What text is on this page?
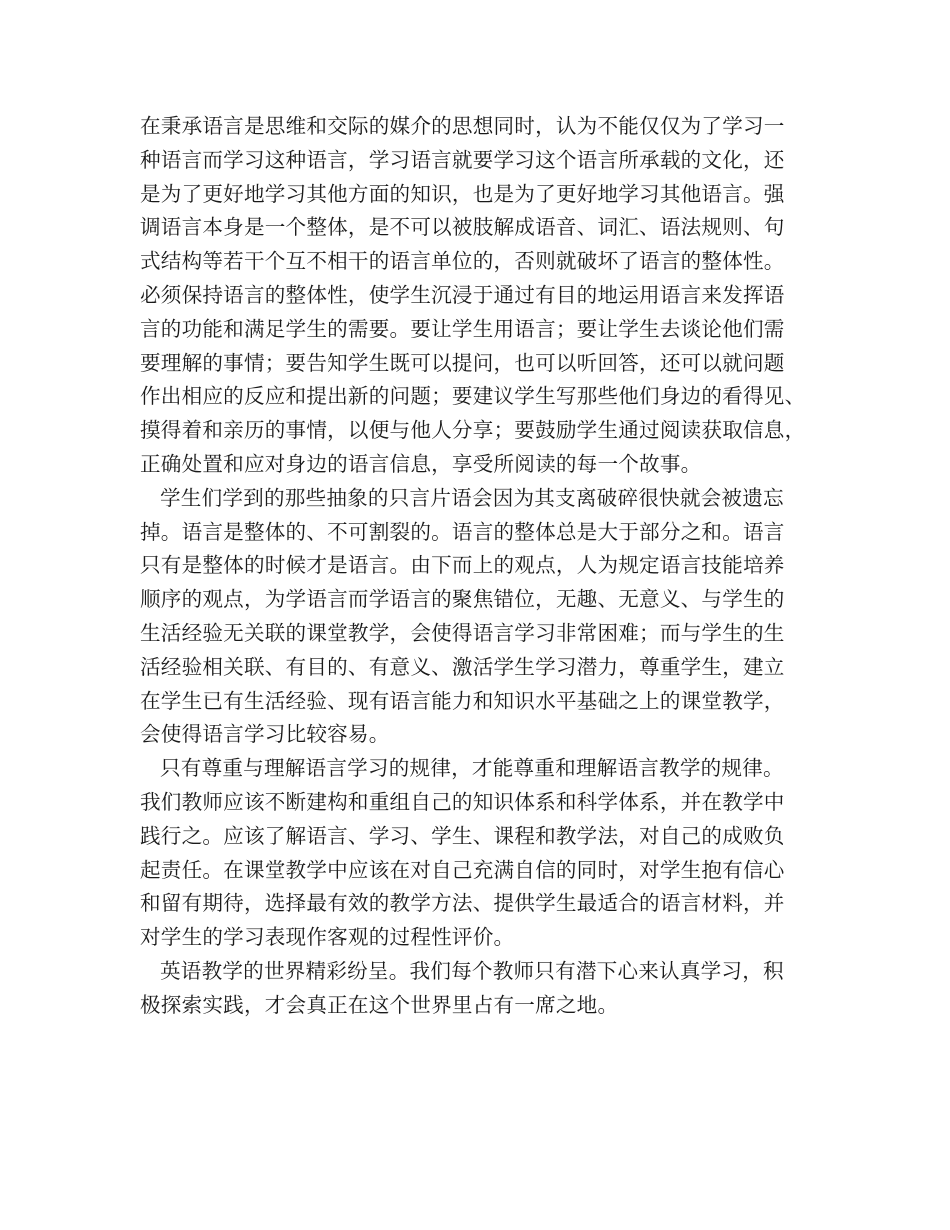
在秉承语言是思维和交际的媒介的思想同时，认为不能仅仅为了学习一
种语言而学习这种语言，学习语言就要学习这个语言所承载的文化，还
是为了更好地学习其他方面的知识，也是为了更好地学习其他语言。强
调语言本身是一个整体，是不可以被肢解成语音、词汇、语法规则、句
式结构等若干个互不相干的语言单位的，否则就破坏了语言的整体性。
必须保持语言的整体性，使学生沉浸于通过有目的地运用语言来发挥语
言的功能和满足学生的需要。要让学生用语言；要让学生去谈论他们需
要理解的事情；要告知学生既可以提问，也可以听回答，还可以就问题
作出相应的反应和提出新的问题；要建议学生写那些他们身边的看得见、
摸得着和亲历的事情，以便与他人分享；要鼓励学生通过阅读获取信息，
正确处置和应对身边的语言信息，享受所阅读的每一个故事。
学生们学到的那些抽象的只言片语会因为其支离破碎很快就会被遗忘
掉。语言是整体的、不可割裂的。语言的整体总是大于部分之和。语言
只有是整体的时候才是语言。由下而上的观点，人为规定语言技能培养
顺序的观点，为学语言而学语言的聚焦错位，无趣、无意义、与学生的
生活经验无关联的课堂教学，会使得语言学习非常困难；而与学生的生
活经验相关联、有目的、有意义、激活学生学习潜力，尊重学生，建立
在学生已有生活经验、现有语言能力和知识水平基础之上的课堂教学，
会使得语言学习比较容易。
只有尊重与理解语言学习的规律，才能尊重和理解语言教学的规律。
我们教师应该不断建构和重组自己的知识体系和科学体系，并在教学中
践行之。应该了解语言、学习、学生、课程和教学法，对自己的成败负
起责任。在课堂教学中应该在对自己充满自信的同时，对学生抱有信心
和留有期待，选择最有效的教学方法、提供学生最适合的语言材料，并
对学生的学习表现作客观的过程性评价。
英语教学的世界精彩纷呈。我们每个教师只有潜下心来认真学习，积
极探索实践，才会真正在这个世界里占有一席之地。
